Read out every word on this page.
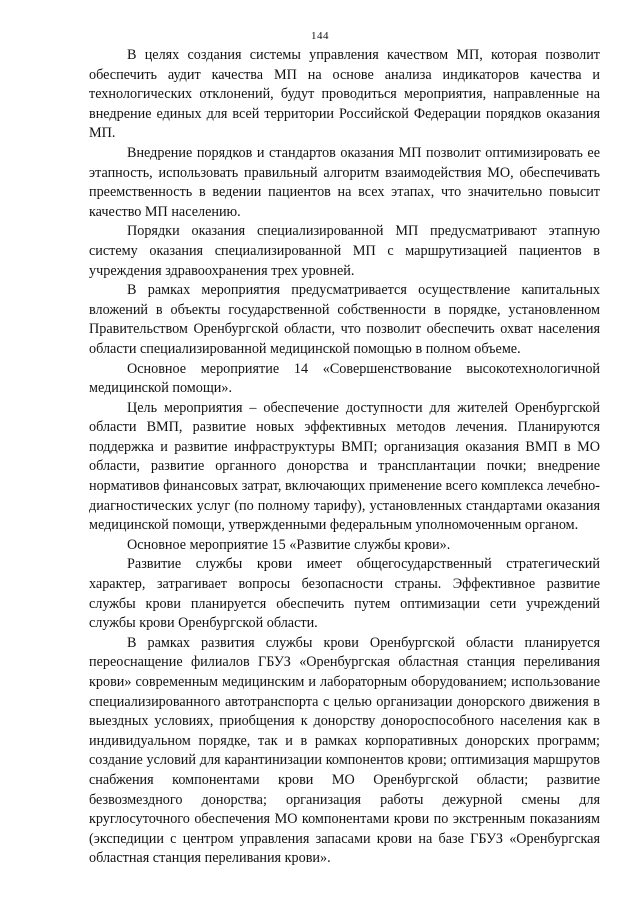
144

В целях создания системы управления качеством МП, которая позволит обеспечить аудит качества МП на основе анализа индикаторов качества и технологических отклонений, будут проводиться мероприятия, направленные на внедрение единых для всей территории Российской Федерации порядков оказания МП.

Внедрение порядков и стандартов оказания МП позволит оптимизировать ее этапность, использовать правильный алгоритм взаимодействия МО, обеспечивать преемственность в ведении пациентов на всех этапах, что значительно повысит качество МП населению.

Порядки оказания специализированной МП предусматривают этапную систему оказания специализированной МП с маршрутизацией пациентов в учреждения здравоохранения трех уровней.

В рамках мероприятия предусматривается осуществление капитальных вложений в объекты государственной собственности в порядке, установленном Правительством Оренбургской области, что позволит обеспечить охват населения области специализированной медицинской помощью в полном объеме.

Основное мероприятие 14 «Совершенствование высокотехнологичной медицинской помощи».

Цель мероприятия – обеспечение доступности для жителей Оренбургской области ВМП, развитие новых эффективных методов лечения. Планируются поддержка и развитие инфраструктуры ВМП; организация оказания ВМП в МО области, развитие органного донорства и трансплантации почки; внедрение нормативов финансовых затрат, включающих применение всего комплекса лечебно-диагностических услуг (по полному тарифу), установленных стандартами оказания медицинской помощи, утвержденными федеральным уполномоченным органом.

Основное мероприятие 15 «Развитие службы крови».

Развитие службы крови имеет общегосударственный стратегический характер, затрагивает вопросы безопасности страны. Эффективное развитие службы крови планируется обеспечить путем оптимизации сети учреждений службы крови Оренбургской области.

В рамках развития службы крови Оренбургской области планируется переоснащение филиалов ГБУЗ «Оренбургская областная станция переливания крови» современным медицинским и лабораторным оборудованием; использование специализированного автотранспорта с целью организации донорского движения в выездных условиях, приобщения к донорству донороспособного населения как в индивидуальном порядке, так и в рамках корпоративных донорских программ; создание условий для карантинизации компонентов крови; оптимизация маршрутов снабжения компонентами крови МО Оренбургской области; развитие безвозмездного донорства; организация работы дежурной смены для круглосуточного обеспечения МО компонентами крови по экстренным показаниям (экспедиции с центром управления запасами крови на базе ГБУЗ «Оренбургская областная станция переливания крови».
